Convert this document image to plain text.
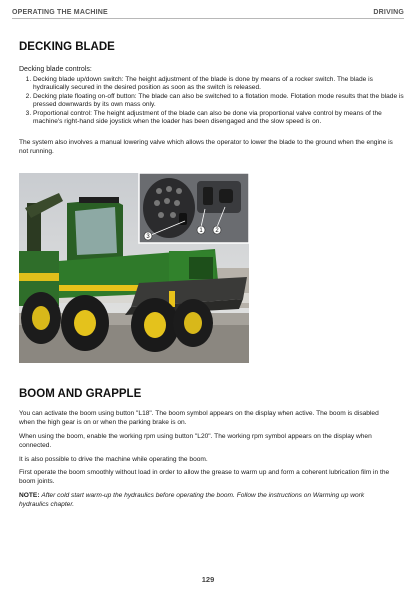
OPERATING THE MACHINE	DRIVING
DECKING BLADE
Decking blade controls:
1. Decking blade up/down switch: The height adjustment of the blade is done by means of a rocker switch. The blade is hydraulically secured in the desired position as soon as the switch is released.
2. Decking plate floating on-off button: The blade can also be switched to a flotation mode. Flotation mode results that the blade is pressed downwards by its own mass only.
3. Proportional control: The height adjustment of the blade can also be done via proportional valve control by means of the machine's right-hand side joystick when the loader has been disengaged and the slow speed is on.

The system also involves a manual lowering valve which allows the operator to lower the blade to the ground when the engine is not running.

1 2
3
BOOM AND GRAPPLE

You can activate the boom using button "L18". The boom symbol appears on the display when active. The boom is disabled when the high gear is on or when the parking brake is on.

When using the boom, enable the working rpm using button "L20". The working rpm symbol appears on the display when connected.

It is also possible to drive the machine while operating the boom.

First operate the boom smoothly without load in order to allow the grease to warm up and form a coherent lubrication film in the boom joints.

NOTE: After cold start warm-up the hydraulics before operating the boom. Follow the instructions on Warming up work hydraulics chapter.

129
